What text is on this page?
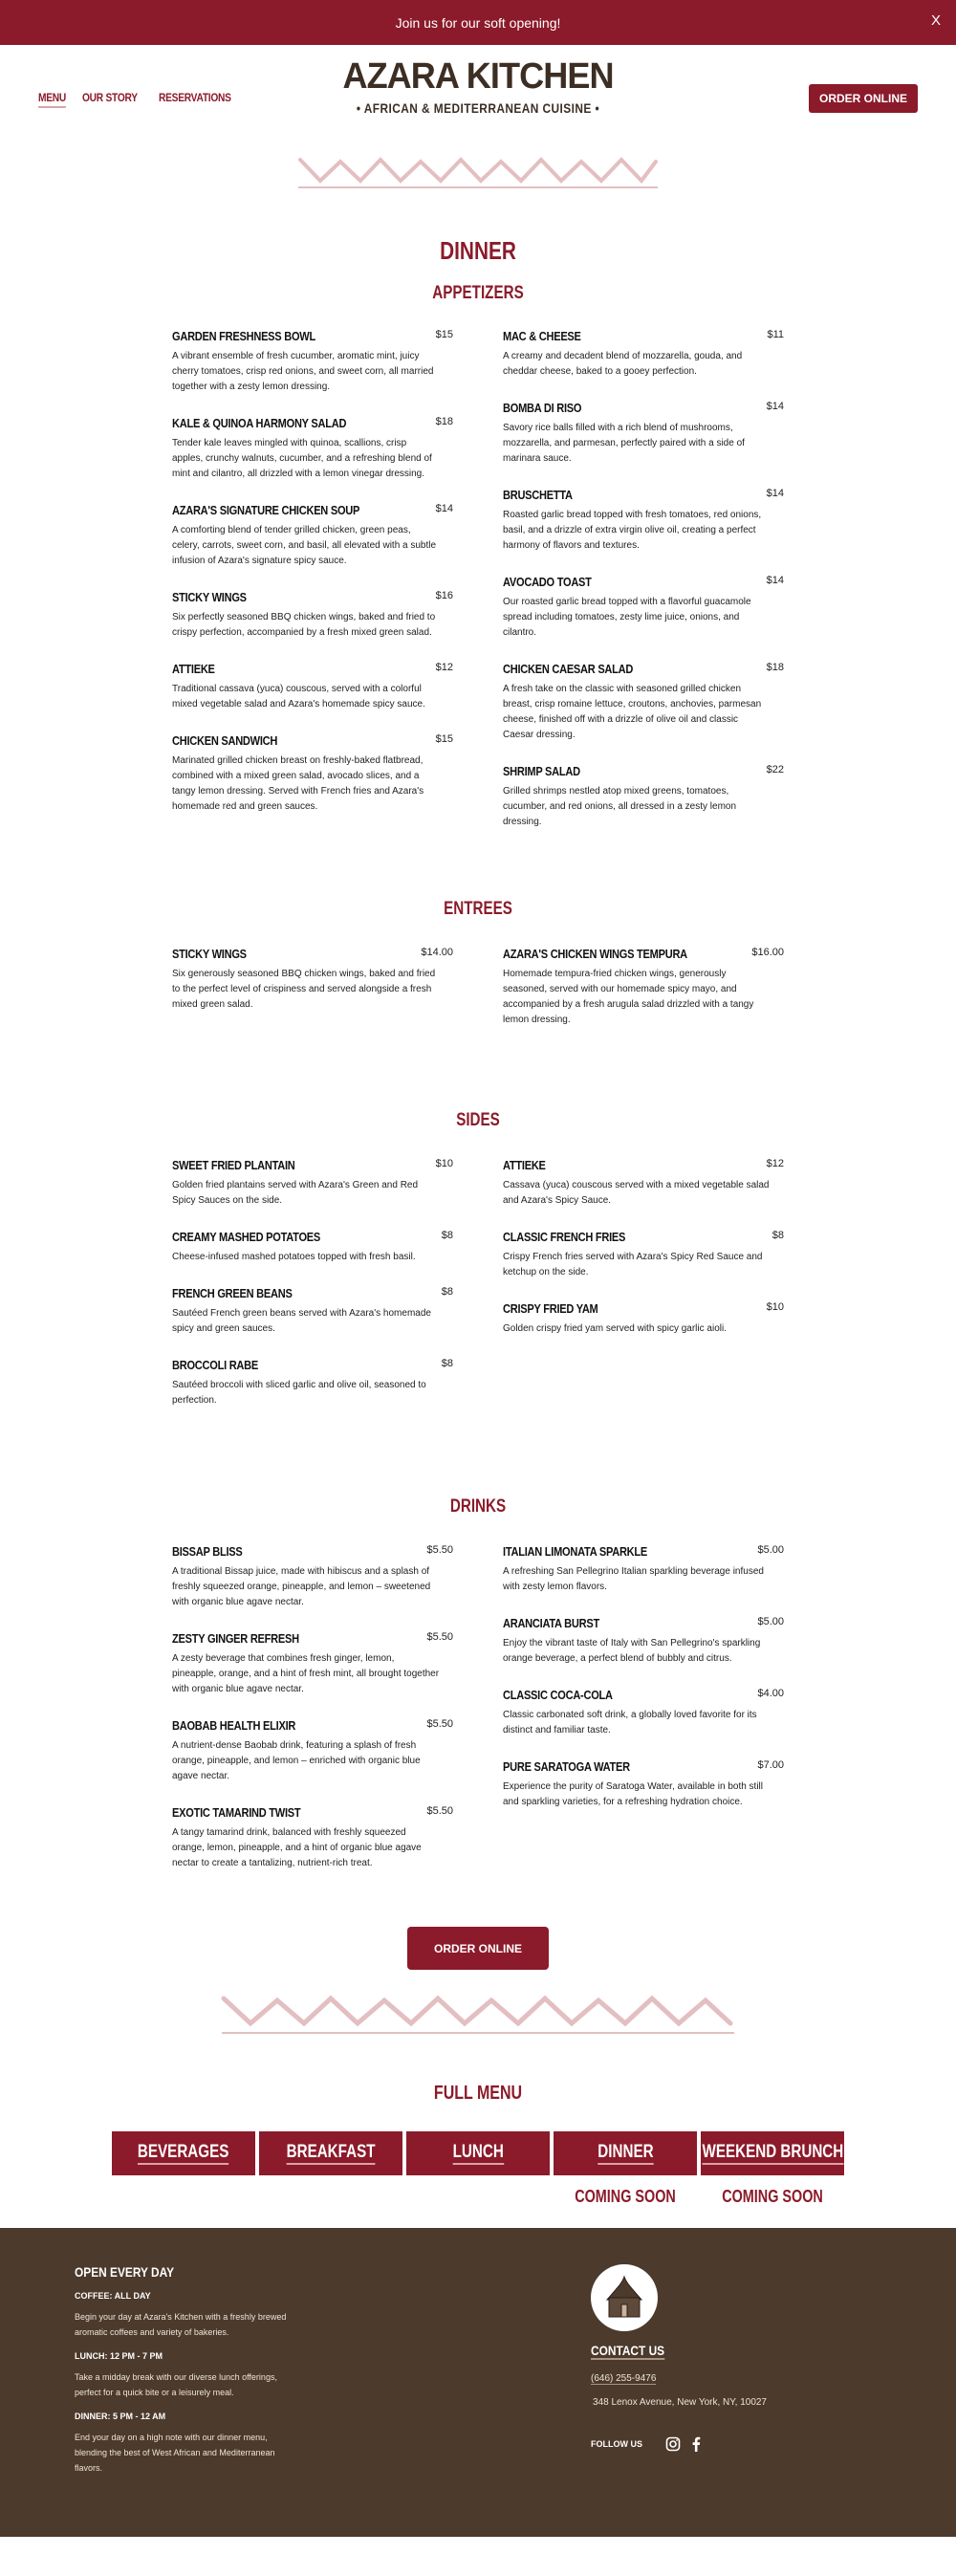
Join us for our soft opening!	X
MENU OUR STORY RESERVATIONS
AZARA KITCHEN
• AFRICAN & MEDITERRANEAN CUISINE •
ORDER ONLINE
DINNER
APPETIZERS
GARDEN FRESHNESS BOWL	$15
A vibrant ensemble of fresh cucumber, aromatic mint, juicy cherry tomatoes, crisp red onions, and sweet corn, all married together with a zesty lemon dressing.
KALE & QUINOA HARMONY SALAD	$18
Tender kale leaves mingled with quinoa, scallions, crisp apples, crunchy walnuts, cucumber, and a refreshing blend of mint and cilantro, all drizzled with a lemon vinegar dressing.
AZARA'S SIGNATURE CHICKEN SOUP	$14
A comforting blend of tender grilled chicken, green peas, celery, carrots, sweet corn, and basil, all elevated with a subtle infusion of Azara's signature spicy sauce.
STICKY WINGS	$16
Six perfectly seasoned BBQ chicken wings, baked and fried to crispy perfection, accompanied by a fresh mixed green salad.
ATTIEKE	$12
Traditional cassava (yuca) couscous, served with a colorful mixed vegetable salad and Azara's homemade spicy sauce.
CHICKEN SANDWICH	$15
Marinated grilled chicken breast on freshly-baked flatbread, combined with a mixed green salad, avocado slices, and a tangy lemon dressing. Served with French fries and Azara's homemade red and green sauces.
MAC & CHEESE	$11
A creamy and decadent blend of mozzarella, gouda, and cheddar cheese, baked to a gooey perfection.
BOMBA DI RISO	$14
Savory rice balls filled with a rich blend of mushrooms, mozzarella, and parmesan, perfectly paired with a side of marinara sauce.
BRUSCHETTA	$14
Roasted garlic bread topped with fresh tomatoes, red onions, basil, and a drizzle of extra virgin olive oil, creating a perfect harmony of flavors and textures.
AVOCADO TOAST	$14
Our roasted garlic bread topped with a flavorful guacamole spread including tomatoes, zesty lime juice, onions, and cilantro.
CHICKEN CAESAR SALAD	$18
A fresh take on the classic with seasoned grilled chicken breast, crisp romaine lettuce, croutons, anchovies, parmesan cheese, finished off with a drizzle of olive oil and classic Caesar dressing.
SHRIMP SALAD	$22
Grilled shrimps nestled atop mixed greens, tomatoes, cucumber, and red onions, all dressed in a zesty lemon dressing.
ENTREES
STICKY WINGS	$14.00
Six generously seasoned BBQ chicken wings, baked and fried to the perfect level of crispiness and served alongside a fresh mixed green salad.
AZARA'S CHICKEN WINGS TEMPURA	$16.00
Homemade tempura-fried chicken wings, generously seasoned, served with our homemade spicy mayo, and accompanied by a fresh arugula salad drizzled with a tangy lemon dressing.
SIDES
SWEET FRIED PLANTAIN	$10
Golden fried plantains served with Azara's Green and Red Spicy Sauces on the side.
CREAMY MASHED POTATOES	$8
Cheese-infused mashed potatoes topped with fresh basil.
FRENCH GREEN BEANS	$8
Sautéed French green beans served with Azara's homemade spicy and green sauces.
BROCCOLI RABE	$8
Sautéed broccoli with sliced garlic and olive oil, seasoned to perfection.
ATTIEKE	$12
Cassava (yuca) couscous served with a mixed vegetable salad and Azara's Spicy Sauce.
CLASSIC FRENCH FRIES	$8
Crispy French fries served with Azara's Spicy Red Sauce and ketchup on the side.
CRISPY FRIED YAM	$10
Golden crispy fried yam served with spicy garlic aioli.
DRINKS
BISSAP BLISS	$5.50
A traditional Bissap juice, made with hibiscus and a splash of freshly squeezed orange, pineapple, and lemon – sweetened with organic blue agave nectar.
ZESTY GINGER REFRESH	$5.50
A zesty beverage that combines fresh ginger, lemon, pineapple, orange, and a hint of fresh mint, all brought together with organic blue agave nectar.
BAOBAB HEALTH ELIXIR	$5.50
A nutrient-dense Baobab drink, featuring a splash of fresh orange, pineapple, and lemon – enriched with organic blue agave nectar.
EXOTIC TAMARIND TWIST	$5.50
A tangy tamarind drink, balanced with freshly squeezed orange, lemon, pineapple, and a hint of organic blue agave nectar to create a tantalizing, nutrient-rich treat.
ITALIAN LIMONATA SPARKLE	$5.00
A refreshing San Pellegrino Italian sparkling beverage infused with zesty lemon flavors.
ARANCIATA BURST	$5.00
Enjoy the vibrant taste of Italy with San Pellegrino's sparkling orange beverage, a perfect blend of bubbly and citrus.
CLASSIC COCA-COLA	$4.00
Classic carbonated soft drink, a globally loved favorite for its distinct and familiar taste.
PURE SARATOGA WATER	$7.00
Experience the purity of Saratoga Water, available in both still and sparkling varieties, for a refreshing hydration choice.
ORDER ONLINE
FULL MENU
BEVERAGES	BREAKFAST	LUNCH	DINNER
COMING SOON
WEEKEND BRUNCH
COMING SOON
OPEN EVERY DAY
COFFEE: ALL DAY

Begin your day at Azara's Kitchen with a freshly brewed aromatic coffees and variety of bakeries.

LUNCH: 12 PM - 7 PM

Take a midday break with our diverse lunch offerings, perfect for a quick bite or a leisurely meal.

DINNER: 5 PM - 12 AM

End your day on a high note with our dinner menu, blending the best of West African and Mediterranean flavors.

CONTACT US
(646) 255-9476
348 Lenox Avenue, New York, NY, 10027
FOLLOW US
